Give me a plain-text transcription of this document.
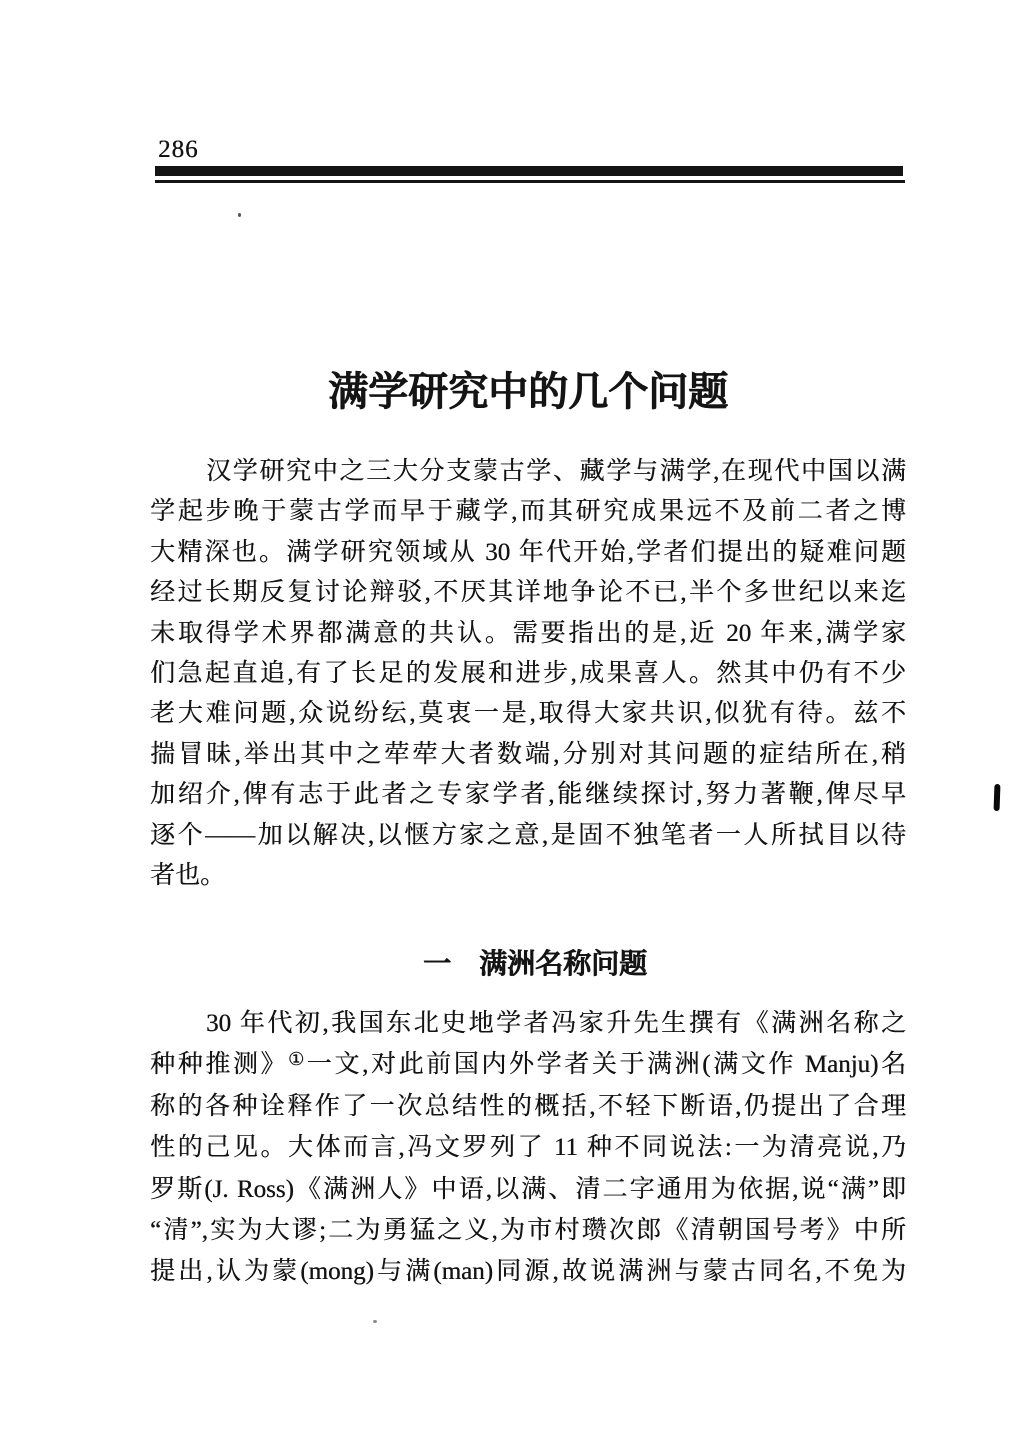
286
满学研究中的几个问题
汉学研究中之三大分支蒙古学、藏学与满学,在现代中国以满
学起步晚于蒙古学而早于藏学,而其研究成果远不及前二者之博
大精深也。满学研究领域从 30 年代开始,学者们提出的疑难问题
经过长期反复讨论辩驳,不厌其详地争论不已,半个多世纪以来迄
未取得学术界都满意的共认。需要指出的是,近 20 年来,满学家
们急起直追,有了长足的发展和进步,成果喜人。然其中仍有不少
老大难问题,众说纷纭,莫衷一是,取得大家共识,似犹有待。兹不
揣冒昧,举出其中之荦荦大者数端,分别对其问题的症结所在,稍
加绍介,俾有志于此者之专家学者,能继续探讨,努力著鞭,俾尽早
逐个——加以解决,以惬方家之意,是固不独笔者一人所拭目以待
者也。
一 满洲名称问题
30 年代初,我国东北史地学者冯家升先生撰有《满洲名称之
种种推测》①一文,对此前国内外学者关于满洲(满文作 Manju)名
称的各种诠释作了一次总结性的概括,不轻下断语,仍提出了合理
性的己见。大体而言,冯文罗列了 11 种不同说法:一为清亮说,乃
罗斯(J. Ross)《满洲人》中语,以满、清二字通用为依据,说“满”即
“清”,实为大谬;二为勇猛之义,为市村瓒次郎《清朝国号考》中所
提出,认为蒙(mong)与满(man)同源,故说满洲与蒙古同名,不免为
